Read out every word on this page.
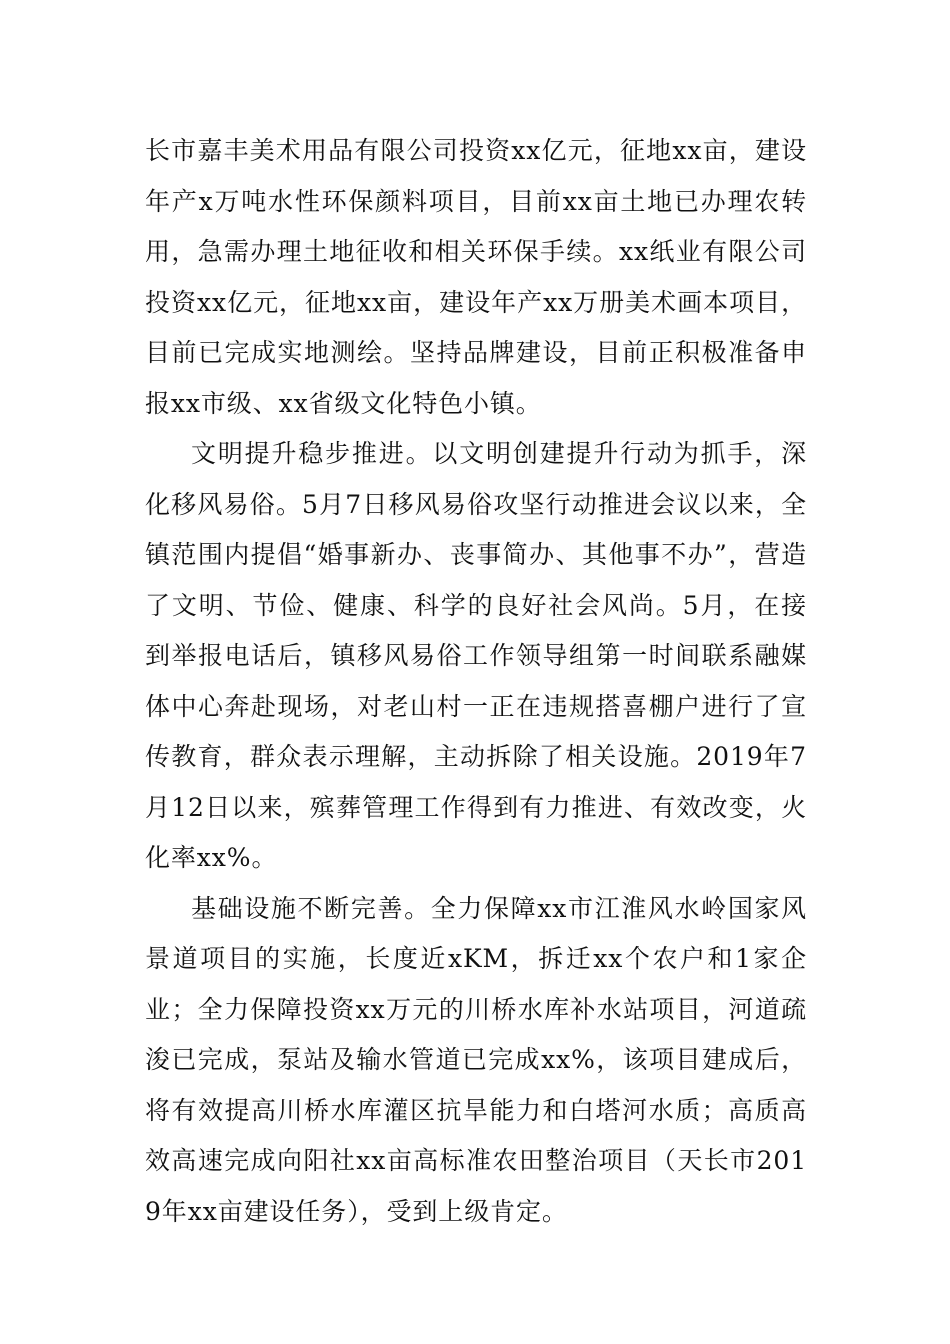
长市嘉丰美术用品有限公司投资xx亿元，征地xx亩，建设年产x万吨水性环保颜料项目，目前xx亩土地已办理农转用，急需办理土地征收和相关环保手续。xx纸业有限公司投资xx亿元，征地xx亩，建设年产xx万册美术画本项目，目前已完成实地测绘。坚持品牌建设，目前正积极准备申报xx市级、xx省级文化特色小镇。

文明提升稳步推进。以文明创建提升行动为抓手，深化移风易俗。5月7日移风易俗攻坚行动推进会议以来，全镇范围内提倡“婚事新办、丧事简办、其他事不办”，营造了文明、节俭、健康、科学的良好社会风尚。5月，在接到举报电话后，镇移风易俗工作领导组第一时间联系融媒体中心奔赴现场，对老山村一正在违规搭喜棚户进行了宣传教育，群众表示理解，主动拆除了相关设施。2019年7月12日以来，殡葬管理工作得到有力推进、有效改变，火化率xx%。

基础设施不断完善。全力保障xx市江淮风水岭国家风景道项目的实施，长度近xKM，拆迁xx个农户和1家企业；全力保障投资xx万元的川桥水库补水站项目，河道疏浚已完成，泵站及输水管道已完成xx%，该项目建成后，将有效提高川桥水库灌区抗旱能力和白塔河水质；高质高效高速完成向阳社xx亩高标准农田整治项目（天长市2019年xx亩建设任务），受到上级肯定。
